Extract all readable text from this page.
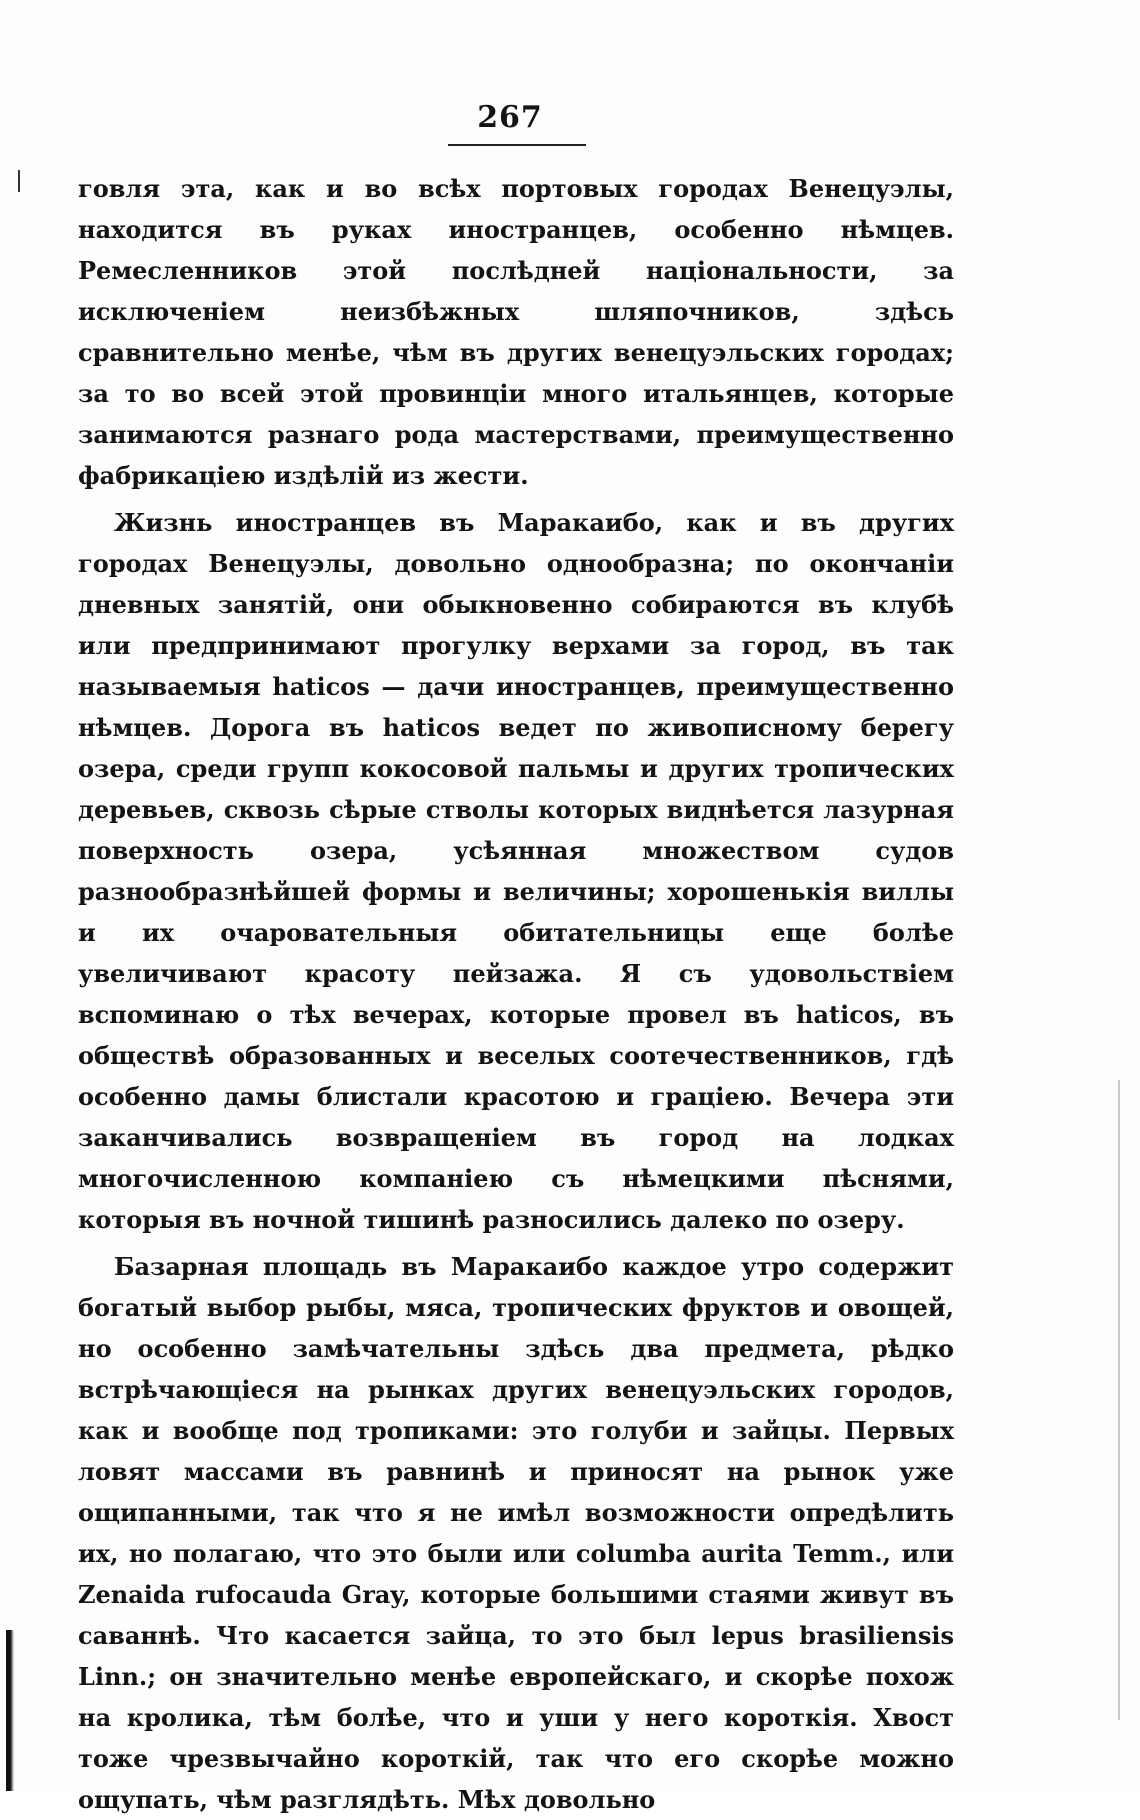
267

говля эта, как и во всѣх портовых городах Венецуэлы, находится въ руках иностранцев, особенно нѣмцев. Ремесленников этой послѣдней національности, за исключеніем неизбѣжных шляпочников, здѣсь сравнительно менѣе, чѣм въ других венецуэльских городах; за то во всей этой провинціи много итальянцев, которые занимаются разнаго рода мастерствами, преимущественно фабрикаціею издѣлій из жести.

Жизнь иностранцев въ Маракаибо, как и въ других городах Венецуэлы, довольно однообразна; по окончаніи дневных занятій, они обыкновенно собираются въ клубѣ или предпринимают прогулку верхами за город, въ так называемыя haticos — дачи иностранцев, преимущественно нѣмцев. Дорога въ haticos ведет по живописному берегу озера, среди групп кокосовой пальмы и других тропических деревьев, сквозь сѣрые стволы которых виднѣется лазурная поверхность озера, усѣянная множеством судов разнообразнѣйшей формы и величины; хорошенькія виллы и их очаровательныя обитательницы еще болѣе увеличивают красоту пейзажа. Я съ удовольствіем вспоминаю о тѣх вечерах, которые провел въ haticos, въ обществѣ образованных и веселых соотечественников, гдѣ особенно дамы блистали красотою и граціею. Вечера эти заканчивались возвращеніем въ город на лодках многочисленною компаніею съ нѣмецкими пѣснями, которыя въ ночной тишинѣ разносились далеко по озеру.

Базарная площадь въ Маракаибо каждое утро содержит богатый выбор рыбы, мяса, тропических фруктов и овощей, но особенно замѣчательны здѣсь два предмета, рѣдко встрѣчающіеся на рынках других венецуэльских городов, как и вообще под тропиками: это голуби и зайцы. Первых ловят массами въ равнинѣ и приносят на рынок уже ощипанными, так что я не имѣл возможности опредѣлить их, но полагаю, что это были или columba aurita Temm., или Zenaida rufocauda Gray, которые большими стаями живут въ саваннѣ. Что касается зайца, то это был lepus brasiliensis Linn.; он значительно менѣе европейскаго, и скорѣе похож на кролика, тѣм болѣе, что и уши у него короткія. Хвост тоже чрезвычайно короткій, так что его скорѣе можно ощупать, чѣм разглядѣть. Мѣх довольно
